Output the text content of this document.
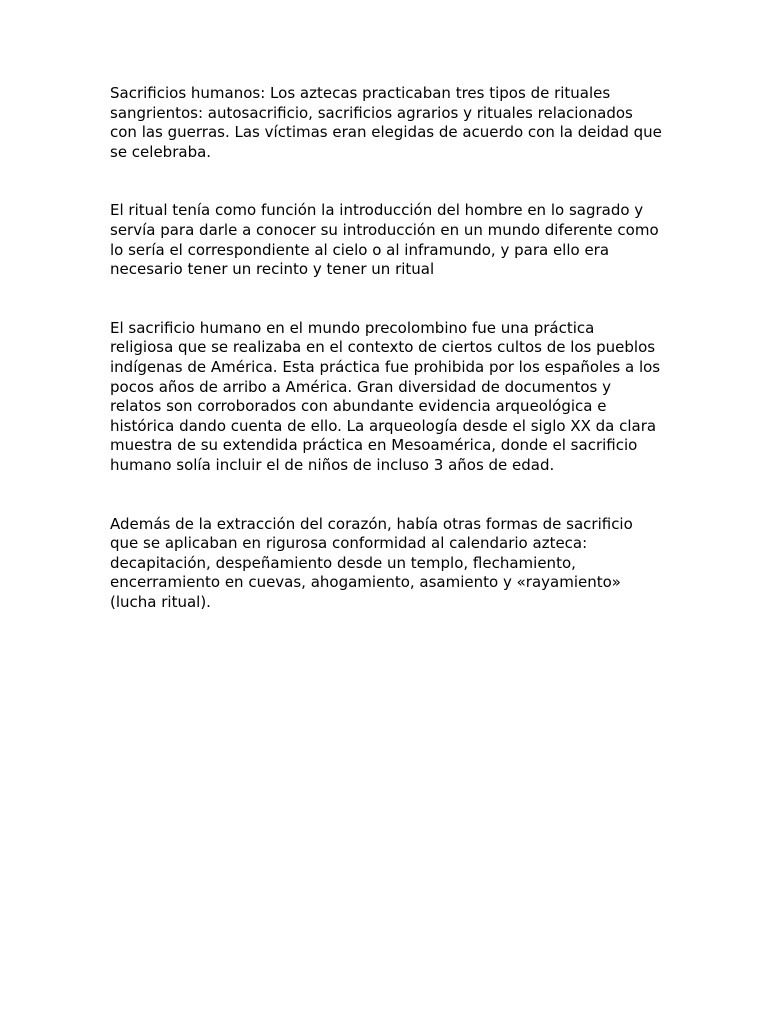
Sacrificios humanos: Los aztecas practicaban tres tipos de rituales sangrientos: autosacrificio, sacrificios agrarios y rituales relacionados con las guerras. Las víctimas eran elegidas de acuerdo con la deidad que se celebraba.

El ritual tenía como función la introducción del hombre en lo sagrado y servía para darle a conocer su introducción en un mundo diferente como lo sería el correspondiente al cielo o al inframundo, y para ello era necesario tener un recinto y tener un ritual

El sacrificio humano en el mundo precolombino fue una práctica religiosa que se realizaba en el contexto de ciertos cultos de los pueblos indígenas de América. Esta práctica fue prohibida por los españoles a los pocos años de arribo a América. Gran diversidad de documentos y relatos son corroborados con abundante evidencia arqueológica e histórica dando cuenta de ello. La arqueología desde el siglo XX da clara muestra de su extendida práctica en Mesoamérica, donde el sacrificio humano solía incluir el de niños de incluso 3 años de edad.

Además de la extracción del corazón, había otras formas de sacrificio que se aplicaban en rigurosa conformidad al calendario azteca: decapitación, despeñamiento desde un templo, flechamiento, encerramiento en cuevas, ahogamiento, asamiento y «rayamiento» (lucha ritual).
